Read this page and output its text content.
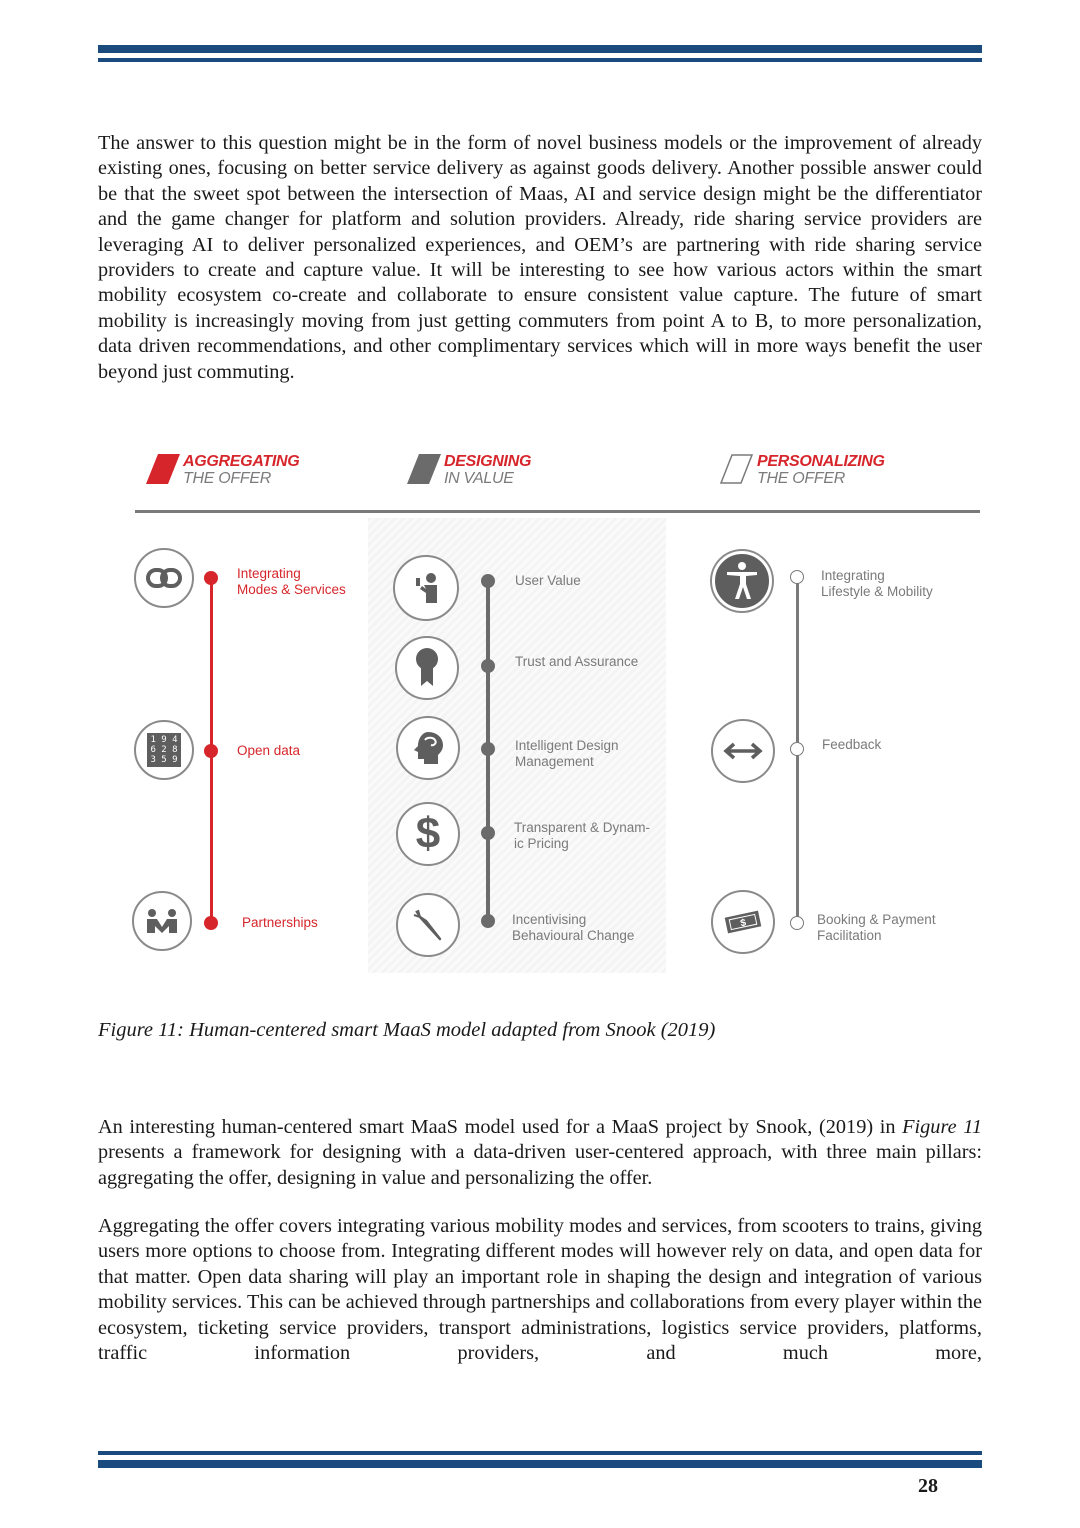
The answer to this question might be in the form of novel business models or the improvement of already existing ones, focusing on better service delivery as against goods delivery. Another possible answer could be that the sweet spot between the intersection of Maas, AI and service design might be the differentiator and the game changer for platform and solution providers. Already, ride sharing service providers are leveraging AI to deliver personalized experiences, and OEM’s are partnering with ride sharing service providers to create and capture value. It will be interesting to see how various actors within the smart mobility ecosystem co-create and collaborate to ensure consistent value capture. The future of smart mobility is increasingly moving from just getting commuters from point A to B, to more personalization, data driven recommendations, and other complimentary services which will in more ways benefit the user beyond just commuting.

AGGREGATING
THE OFFER
DESIGNING
IN VALUE
PERSONALIZING
THE OFFER
Integrating
Modes & Services
1 9 4
6 2 8
3 5 9
Open data
Partnerships
User Value
Trust and Assurance
Intelligent Design
Management
$	Transparent & Dynam-
ic Pricing
Incentivising
Behavioural Change
Integrating
Lifestyle & Mobility
Feedback
$	Booking & Payment
Facilitation
Figure 11: Human-centered smart MaaS model adapted from Snook (2019)

An interesting human-centered smart MaaS model used for a MaaS project by Snook, (2019) in Figure 11 presents a framework for designing with a data-driven user-centered approach, with three main pillars: aggregating the offer, designing in value and personalizing the offer.

Aggregating the offer covers integrating various mobility modes and services, from scooters to trains, giving users more options to choose from. Integrating different modes will however rely on data, and open data for that matter. Open data sharing will play an important role in shaping the design and integration of various mobility services. This can be achieved through partnerships and collaborations from every player within the ecosystem, ticketing service providers, transport administrations, logistics service providers, platforms, traffic information providers, and much more,

28
